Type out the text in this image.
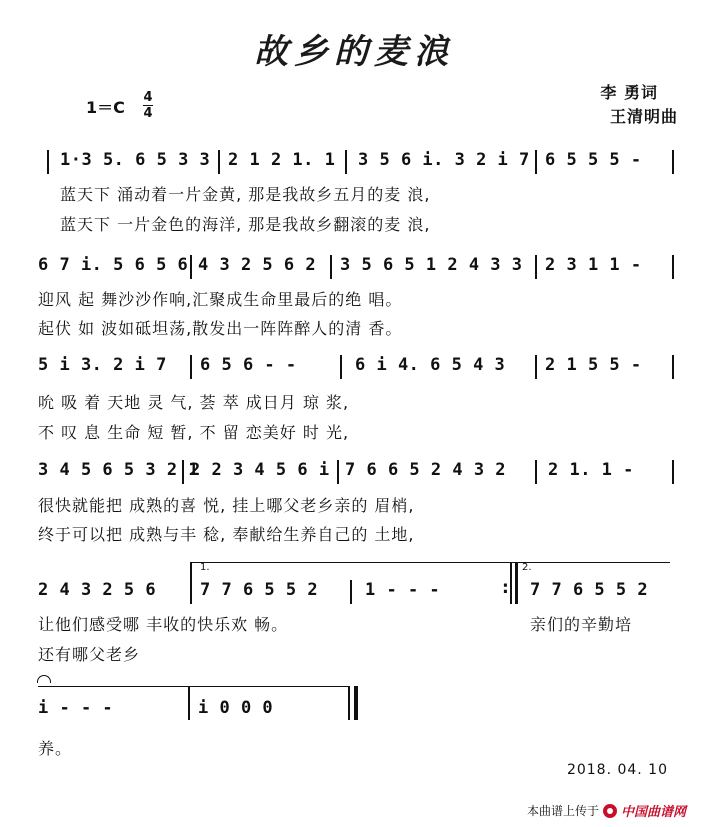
故乡的麦浪
李 勇词
王清明曲
1＝C
4
4
1·3 5. 6 5 3 3 2 1 2 1. 1 3 5 6 i. 3 2 i 7 6 5 5 5 -
蓝天下 涌动着一片金黄, 那是我故乡五月的麦 浪,
蓝天下 一片金色的海洋, 那是我故乡翻滚的麦 浪,
6 7 i. 5 6 5 6 4 3 2 5 6 2 3 5 6 5 1 2 4 3 3 2 3 1 1 -
迎风 起 舞沙沙作响,汇聚成生命里最后的绝 唱。
起伏 如 波如砥坦荡,散发出一阵阵醉人的清 香。
5 i 3. 2 i 7 6 5 6 - -	6 i 4. 6 5 4 3 2 1 5 5 -
吮 吸 着 天地 灵 气, 荟 萃 成日月 琼 浆,
不 叹 息 生命 短 暂, 不 留 恋美好 时 光,
3 4 5 6 5 3 2 1
2 2 3 4 5 6 i 7 6 6 5 2 4 3 2 2 1. 1 -
很快就能把 成熟的喜 悦, 挂上哪父老乡亲的 眉梢,
终于可以把 成熟与丰 稔, 奉献给生养自己的 土地,
1.	2.
2 4 3 2 5 6	7 7 6 5 5 2	1 - - -	: 7 7 6 5 5 2
让他们感受哪 丰收的快乐欢 畅。	亲们的辛勤培
还有哪父老乡
i - - -	i 0 0 0
养。
2018. 04. 10
本曲谱上传于 中国曲谱网
